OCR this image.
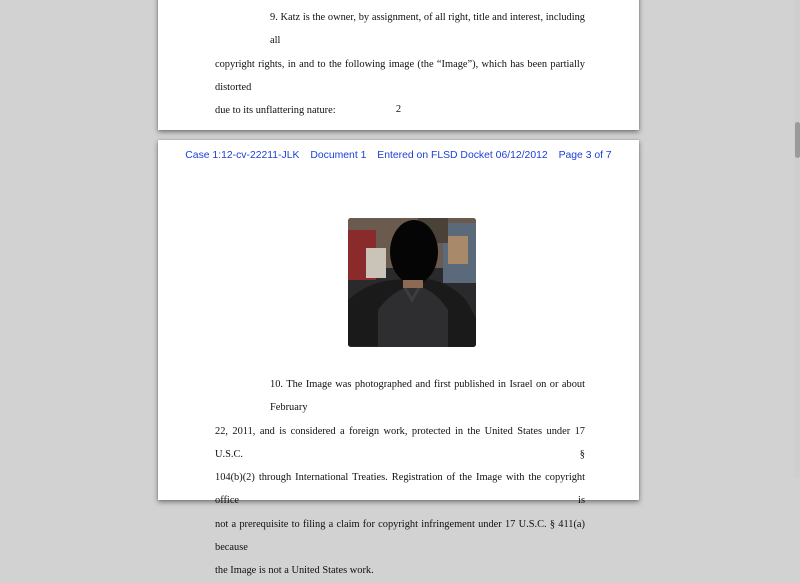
9. Katz is the owner, by assignment, of all right, title and interest, including all
copyright rights, in and to the following image (the “Image”), which has been partially distorted
due to its unflattering nature:	2
Case 1:12-cv-22211-JLK Document 1 Entered on FLSD Docket 06/12/2012 Page 3 of 7

10. The Image was photographed and first published in Israel on or about February
22, 2011, and is considered a foreign work, protected in the United States under 17 U.S.C. §
104(b)(2) through International Treaties. Registration of the Image with the copyright office is
not a prerequisite to filing a claim for copyright infringement under 17 U.S.C. § 411(a) because
the Image is not a United States work.
